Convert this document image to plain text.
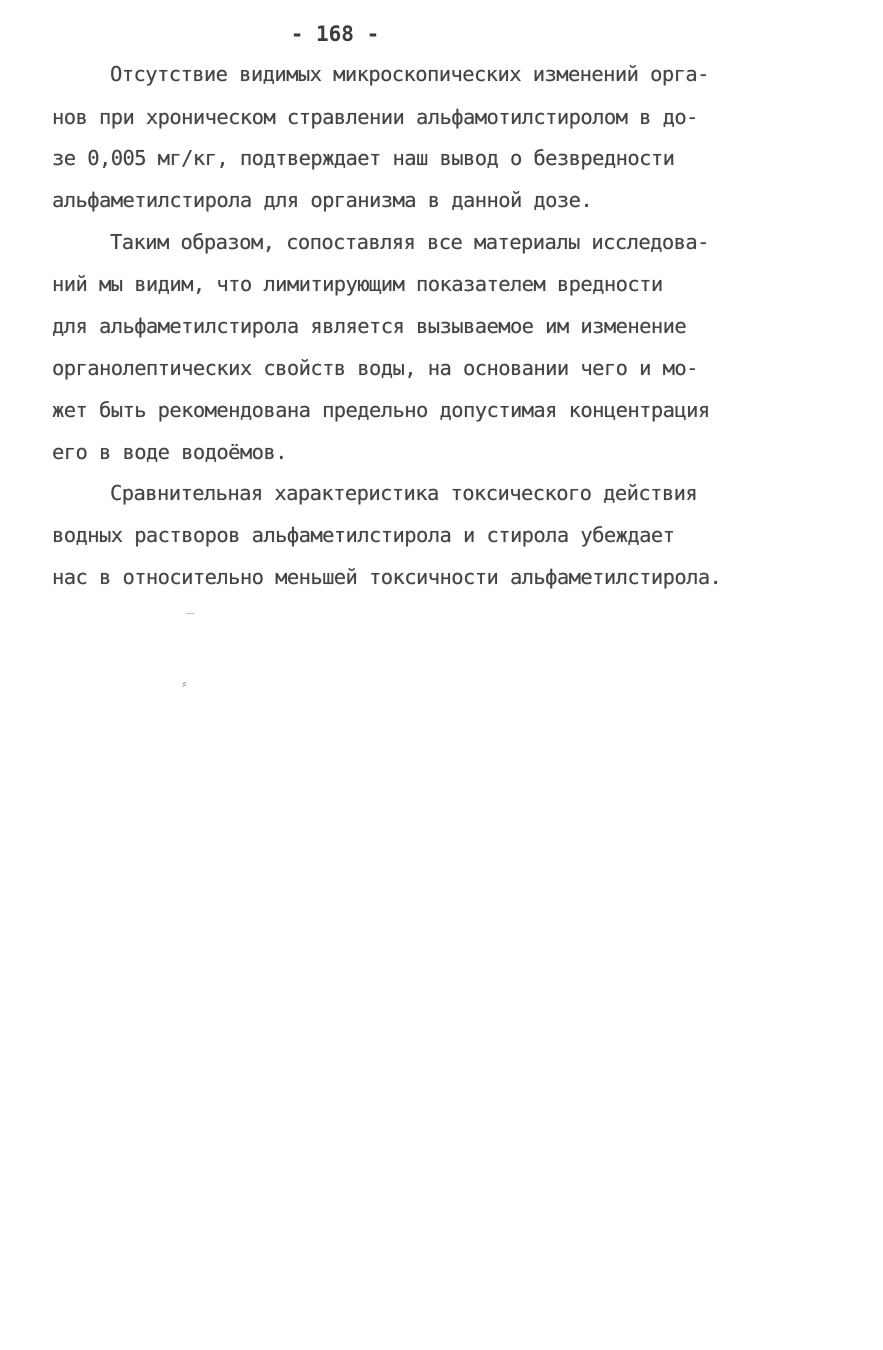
- 168 -
Отсутствие видимых микроскопических изменений орга-
нов при хроническом стравлении альфамотилстиролом в до-
зе 0,005 мг/кг, подтверждает наш вывод о безвредности
альфаметилстирола для организма в данной дозе.
Таким образом, сопоставляя все материалы исследова-
ний мы видим, что лимитирующим показателем вредности
для альфаметилстирола является вызываемое им изменение
органолептических свойств воды, на основании чего и мо-
жет быть рекомендована предельно допустимая концентрация
его в воде водоёмов.
Сравнительная характеристика токсического действия
водных растворов альфаметилстирола и стирола убеждает
нас в относительно меньшей токсичности альфаметилстирола.
‾
⸗
